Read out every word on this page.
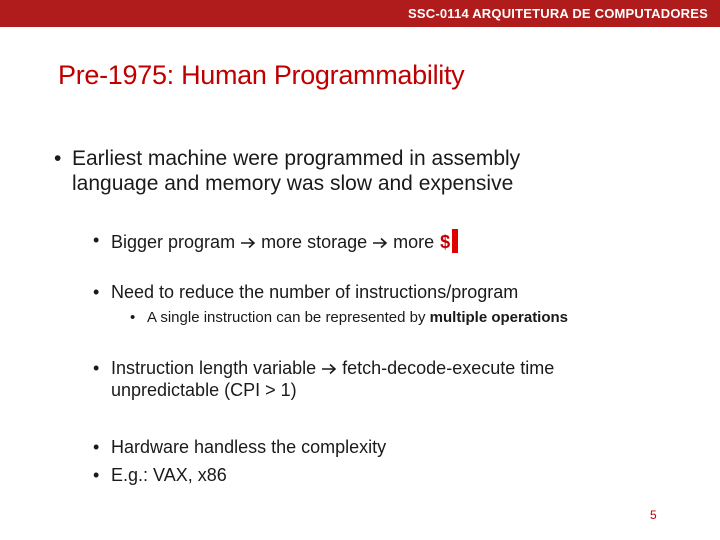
SSC-0114 ARQUITETURA DE COMPUTADORES
Pre-1975: Human Programmability
• Earliest machine were programmed in assembly
language and memory was slow and expensive
• Bigger program more storage more $
• Need to reduce the number of instructions/program
• A single instruction can be represented by multiple operations
• Instruction length variable fetch-decode-execute time
unpredictable (CPI > 1)
• Hardware handless the complexity
• E.g.: VAX, x86
5
